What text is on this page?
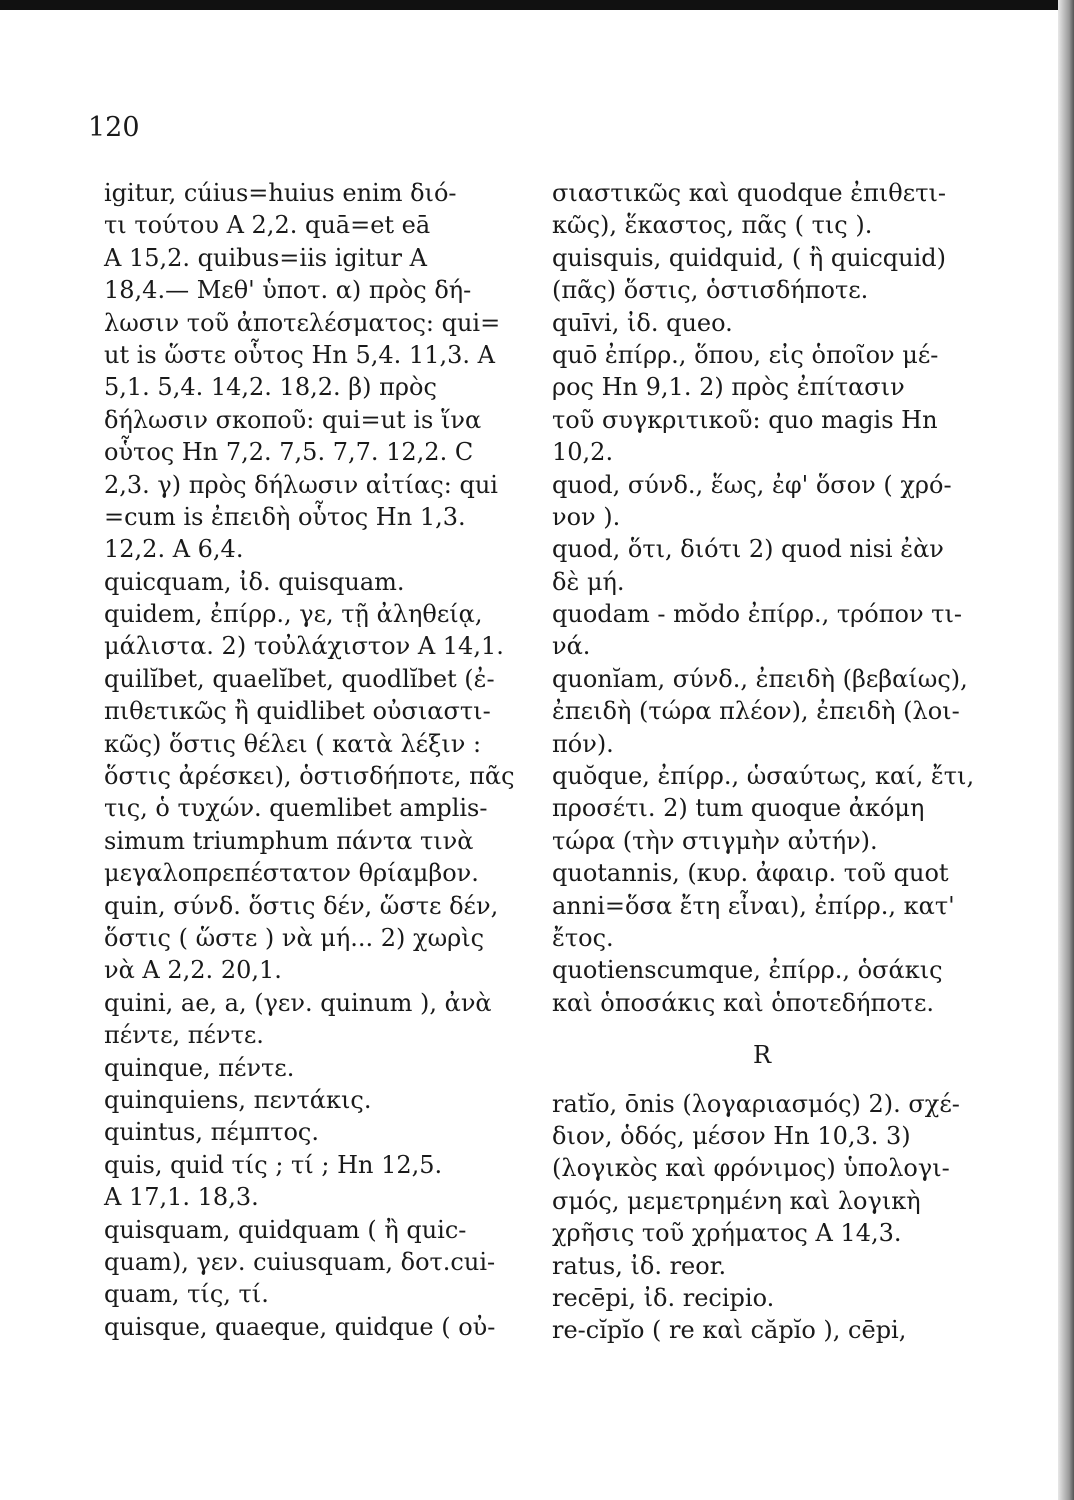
120
igitur, cúius=huius enim διό-
τι τούτου A 2,2. quā=et eā
A 15,2. quibus=iis igitur A
18,4.— Μεθ' ὑποτ. α) πρὸς δή-
λωσιν τοῦ ἀποτελέσματος: qui=
ut is ὥστε οὗτος Hn 5,4. 11,3. A
5,1. 5,4. 14,2. 18,2. β) πρὸς
δήλωσιν σκοποῦ: qui=ut is ἵνα
οὗτος Hn 7,2. 7,5. 7,7. 12,2. C
2,3. γ) πρὸς δήλωσιν αἰτίας: qui
=cum is ἐπειδὴ οὗτος Hn 1,3.
12,2. A 6,4.
quicquam, ἰδ. quisquam.
quidem, ἐπίρρ., γε, τῇ ἀληθείᾳ,
μάλιστα. 2) τοὐλάχιστον A 14,1.
quilĭbet, quaelĭbet, quodlĭbet (ἐ-
πιθετικῶς ἢ quidlibet οὐσιαστι-
κῶς) ὅστις θέλει ( κατὰ λέξιν :
ὅστις ἀρέσκει), ὁστισδήποτε, πᾶς
τις, ὁ τυχών. quemlibet amplis-
simum triumphum πάντα τινὰ
μεγαλοπρεπέστατον θρίαμβον.
quin, σύνδ. ὅστις δέν, ὥστε δέν,
ὅστις ( ὥστε ) νὰ μή... 2) χωρὶς
νὰ A 2,2. 20,1.
quini, ae, a, (γεν. quinum ), ἀνὰ
πέντε, πέντε.
quinque, πέντε.
quinquiens, πεντάκις.
quintus, πέμπτος.
quis, quid τίς ; τί ; Hn 12,5.
A 17,1. 18,3.
quisquam, quidquam ( ἢ quic-
quam), γεν. cuiusquam, δοτ.cui-
quam, τίς, τί.
quisque, quaeque, quidque ( οὐ-
σιαστικῶς καὶ quodque ἐπιθετι-
κῶς), ἕκαστος, πᾶς ( τις ).
quisquis, quidquid, ( ἢ quicquid)
(πᾶς) ὅστις, ὁστισδήποτε.
quīvi, ἰδ. queo.
quō ἐπίρρ., ὅπου, εἰς ὁποῖον μέ-
ρος Hn 9,1. 2) πρὸς ἐπίτασιν
τοῦ συγκριτικοῦ: quo magis Hn
10,2.
quod, σύνδ., ἕως, ἐφ' ὅσον ( χρό-
νον ).
quod, ὅτι, διότι 2) quod nisi ἐὰν
δὲ μή.
quodam - mŏdo ἐπίρρ., τρόπον τι-
νά.
quonĭam, σύνδ., ἐπειδὴ (βεβαίως),
ἐπειδὴ (τώρα πλέον), ἐπειδὴ (λοι-
πόν).
quŏque, ἐπίρρ., ὡσαύτως, καί, ἔτι,
προσέτι. 2) tum quoque ἀκόμη
τώρα (τὴν στιγμὴν αὐτήν).
quotannis, (κυρ. ἀφαιρ. τοῦ quot
anni=ὅσα ἔτη εἶναι), ἐπίρρ., κατ'
ἔτος.
quotienscumque, ἐπίρρ., ὁσάκις
καὶ ὁποσάκις καὶ ὁποτεδήποτε.
R
ratĭo, ōnis (λογαριασμός) 2). σχέ-
διον, ὁδός, μέσον Hn 10,3. 3)
(λογικὸς καὶ φρόνιμος) ὑπολογι-
σμός, μεμετρημένη καὶ λογικὴ
χρῆσις τοῦ χρήματος A 14,3.
ratus, ἰδ. reor.
recēpi, ἰδ. recipio.
re-cĭpĭo ( re καὶ căpĭo ), cēpi,
